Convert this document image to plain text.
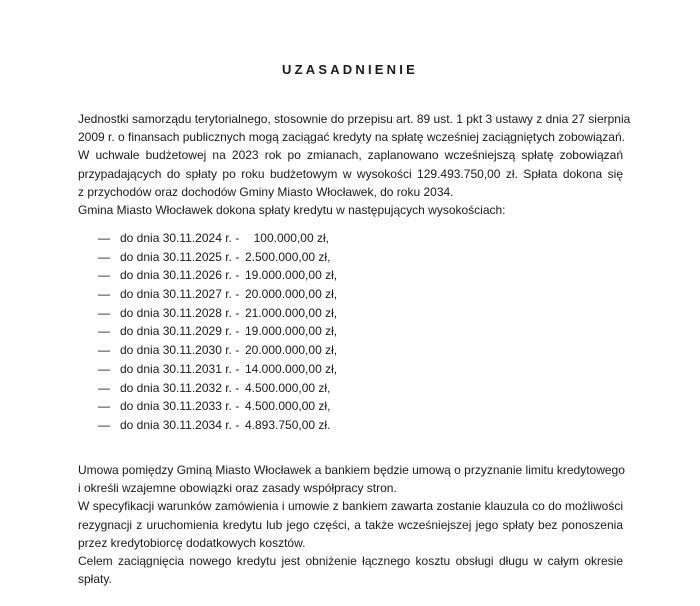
UZASADNIENIE
Jednostki samorządu terytorialnego, stosownie do przepisu art. 89 ust. 1 pkt 3 ustawy z dnia 27 sierpnia
2009 r. o finansach publicznych mogą zaciągać kredyty na spłatę wcześniej zaciągniętych zobowiązań.
W uchwale budżetowej na 2023 rok po zmianach, zaplanowano wcześniejszą spłatę zobowiązań
przypadających do spłaty po roku budżetowym w wysokości 129.493.750,00 zł. Spłata dokona się
z przychodów oraz dochodów Gminy Miasto Włocławek, do roku 2034.
Gmina Miasto Włocławek dokona spłaty kredytu w następujących wysokościach:
— do dnia 30.11.2024 r. -	100.000,00 zł,
— do dnia 30.11.2025 r. - 2.500.000,00 zł,
— do dnia 30.11.2026 r. - 19.000.000,00 zł,
— do dnia 30.11.2027 r. - 20.000.000,00 zł,
— do dnia 30.11.2028 r. - 21.000.000,00 zł,
— do dnia 30.11.2029 r. - 19.000.000,00 zł,
— do dnia 30.11.2030 r. - 20.000.000,00 zł,
— do dnia 30.11.2031 r. - 14.000.000,00 zł,
— do dnia 30.11.2032 r. - 4.500.000,00 zł,
— do dnia 30.11.2033 r. - 4.500.000,00 zł,
— do dnia 30.11.2034 r. - 4.893.750,00 zł.
Umowa pomiędzy Gminą Miasto Włocławek a bankiem będzie umową o przyznanie limitu kredytowego
i określi wzajemne obowiązki oraz zasady współpracy stron.
W specyfikacji warunków zamówienia i umowie z bankiem zawarta zostanie klauzula co do możliwości
rezygnacji z uruchomienia kredytu lub jego części, a także wcześniejszej jego spłaty bez ponoszenia
przez kredytobiorcę dodatkowych kosztów.
Celem zaciągnięcia nowego kredytu jest obniżenie łącznego kosztu obsługi długu w całym okresie
spłaty.
